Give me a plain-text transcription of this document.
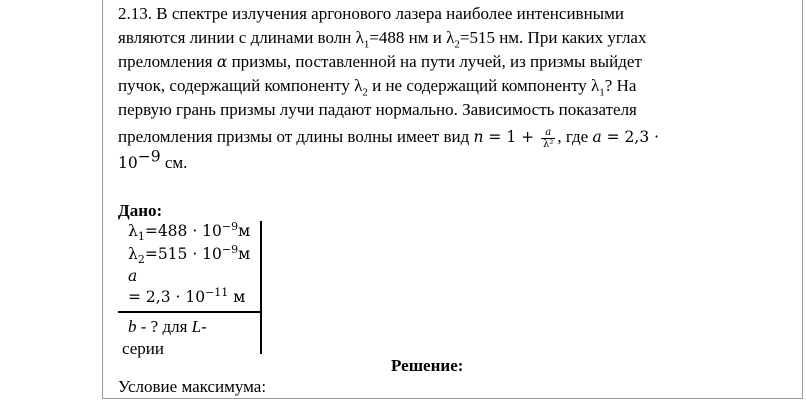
2.13. В спектре излучения аргонового лазера наиболее интенсивными
являются линии с длинами волн $\lambda_1=488$ нм и $\lambda_2=515$ нм. При каких углах
преломления α призмы, поставленной на пути лучей, из призмы выйдет
пучок, содержащий компоненту $\lambda_2$ и не содержащий компоненту $\lambda_1$? На
первую грань призмы лучи падают нормально. Зависимость показателя
преломления призмы от длины волны имеет вид $n = 1 + \frac{a}{\text{λ²}}$ , где a = 2,3 ·
$10^{-9}$ см.
Дано:
$\lambda_1=488 \cdot 10^{-9}м$
$\lambda_2=515 \cdot 10^{-9}м$
a
= $2,3 \cdot 10^{-11}$ м
b - ? для L-
серии
Решение:
Условие максимума:
